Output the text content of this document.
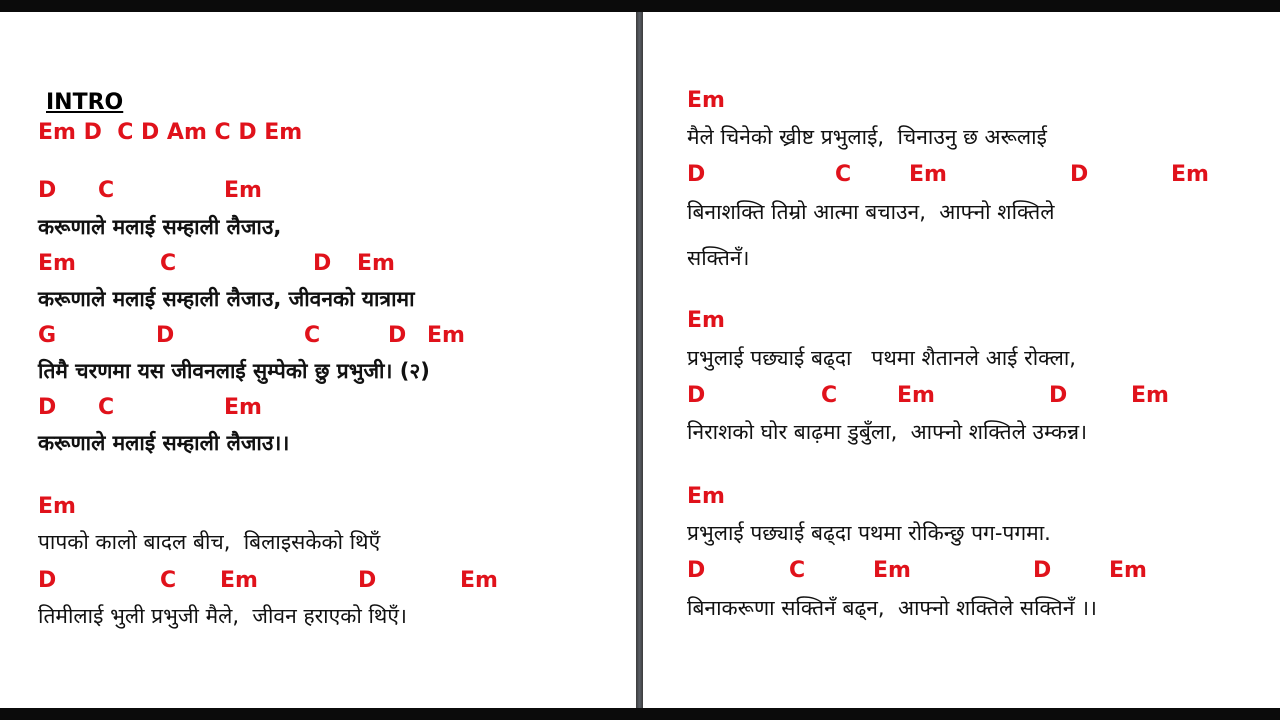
INTRO
Em D  C D Am C D Em

D

C

	Em

करूणाले मलाई सम्हाली लैजाउ,

Em

	C

	D

Em

करूणाले मलाई सम्हाली लैजाउ, जीवनको यात्रामा

G

	D

	C

	D

Em

तिमै चरणमा यस जीवनलाई सुम्पेको छु प्रभुजी। (२)

D

C

	Em

करूणाले मलाई सम्हाली लैजाउ।।

Em

पापको कालो बादल बीच,  बिलाइसकेको थिएँ

D

	C

Em

	D

	Em

तिमीलाई भुली प्रभुजी मैले,  जीवन हराएको थिएँ।

Em

मैले चिनेको ख्रीष्ट प्रभुलाई,  चिनाउनु छ अरूलाई

D

	C

	Em

	D

	Em

बिनाशक्ति तिम्रो आत्मा बचाउन,  आफ्नो शक्तिले
सक्तिनँ।

Em

प्रभुलाई पछ्याई बढ्दा   पथमा शैतानले आई रोक्ला,

D

	C

	Em

	D

	Em

निराशको घोर बाढ़मा डुबुँला,  आफ्नो शक्तिले उम्कन्न।

Em

प्रभुलाई पछ्याई बढ्दा पथमा रोकिन्छु पग-पगमा.

D

	C

	Em

	D

	Em

बिनाकरूणा सक्तिनँ बढ्न,  आफ्नो शक्तिले सक्तिनँ ।।
